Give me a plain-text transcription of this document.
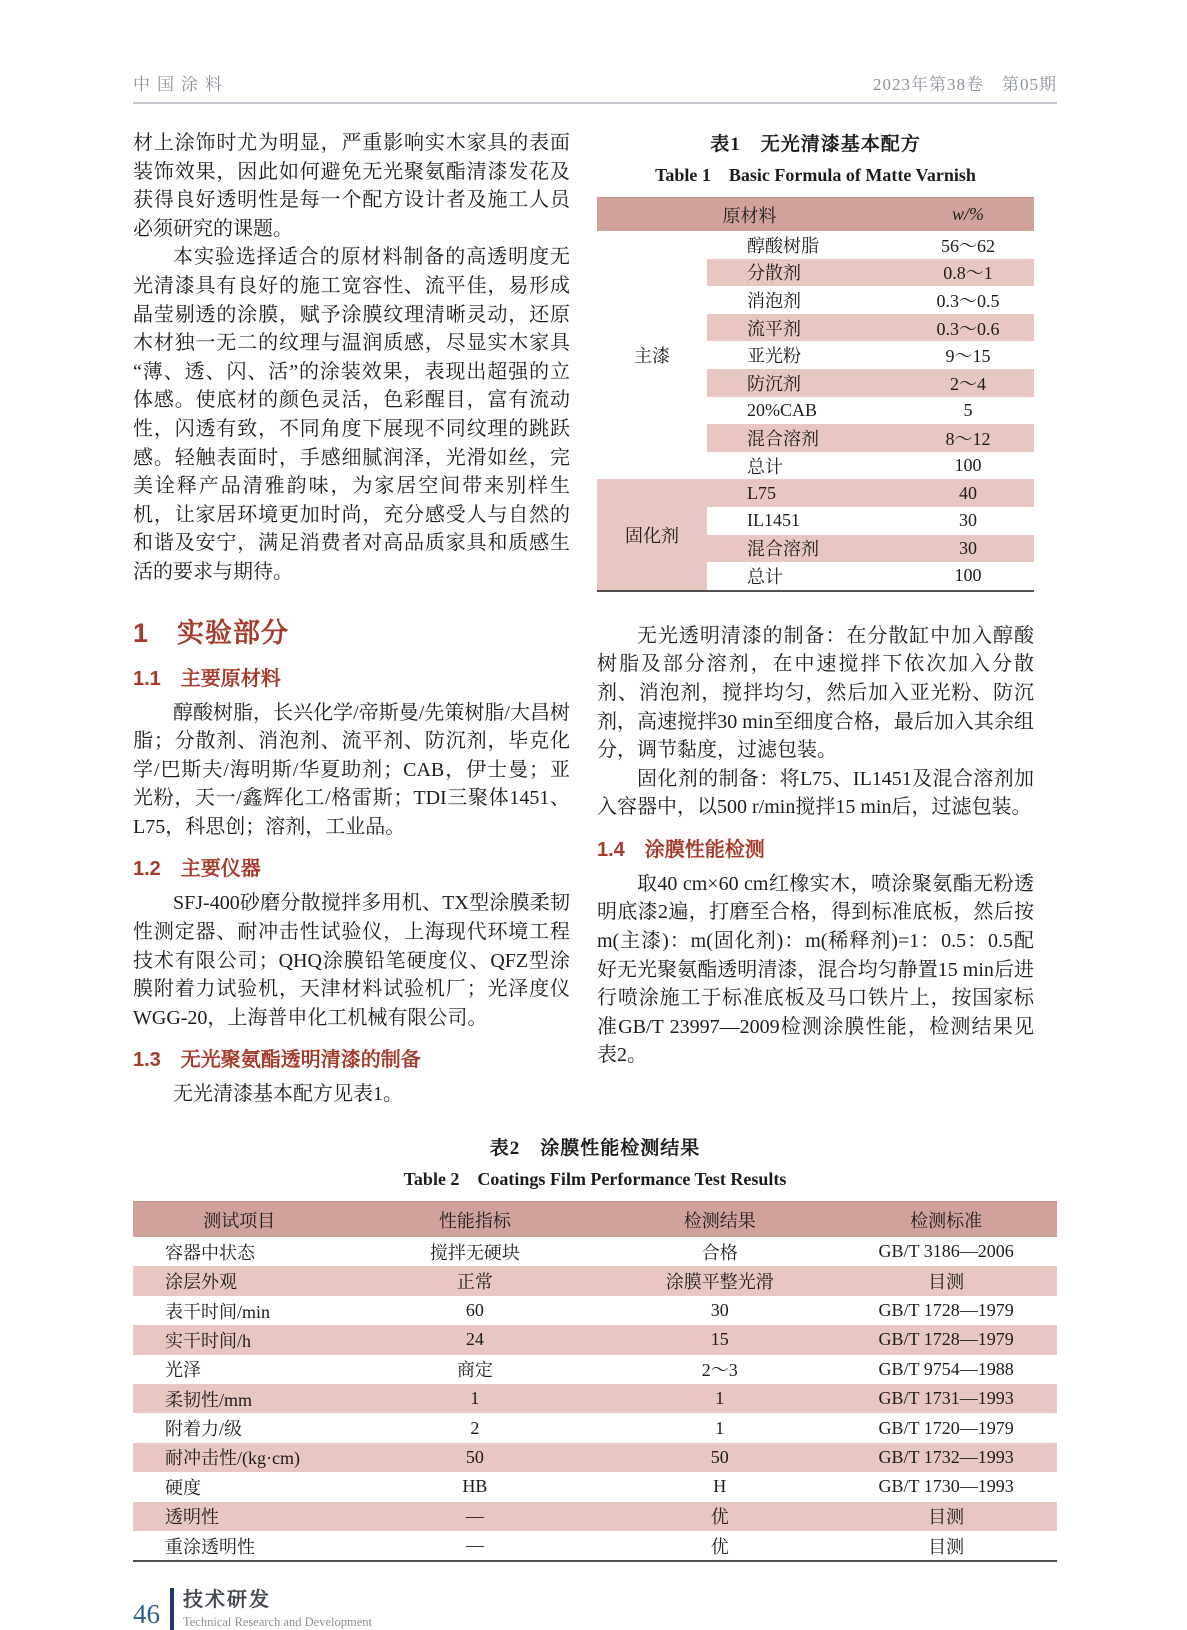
中国涂料	2023年第38卷　第05期

材上涂饰时尤为明显，严重影响实木家具的表面装饰效果，因此如何避免无光聚氨酯清漆发花及获得良好透明性是每一个配方设计者及施工人员必须研究的课题。

本实验选择适合的原材料制备的高透明度无光清漆具有良好的施工宽容性、流平佳，易形成晶莹剔透的涂膜，赋予涂膜纹理清晰灵动，还原木材独一无二的纹理与温润质感，尽显实木家具“薄、透、闪、活”的涂装效果，表现出超强的立体感。使底材的颜色灵活，色彩醒目，富有流动性，闪透有致，不同角度下展现不同纹理的跳跃感。轻触表面时，手感细腻润泽，光滑如丝，完美诠释产品清雅韵味，为家居空间带来别样生机，让家居环境更加时尚，充分感受人与自然的和谐及安宁，满足消费者对高品质家具和质感生活的要求与期待。

1　实验部分
1.1　主要原材料

醇酸树脂，长兴化学/帝斯曼/先策树脂/大昌树脂；分散剂、消泡剂、流平剂、防沉剂，毕克化学/巴斯夫/海明斯/华夏助剂；CAB，伊士曼；亚光粉，天一/鑫辉化工/格雷斯；TDI三聚体1451、L75，科思创；溶剂，工业品。

1.2　主要仪器

SFJ-400砂磨分散搅拌多用机、TX型涂膜柔韧性测定器、耐冲击性试验仪，上海现代环境工程技术有限公司；QHQ涂膜铅笔硬度仪、QFZ型涂膜附着力试验机，天津材料试验机厂；光泽度仪WGG-20，上海普申化工机械有限公司。

1.3　无光聚氨酯透明清漆的制备

无光清漆基本配方见表1。

表1　无光清漆基本配方
Table 1　Basic Formula of Matte Varnish
原材料		w/%
主漆	醇酸树脂	56～62
	分散剂	0.8～1
	消泡剂	0.3～0.5
	流平剂	0.3～0.6
	亚光粉	9～15
	防沉剂	2～4
	20%CAB	5
	混合溶剂	8～12
	总计	100
固化剂	L75	40
	IL1451	30
	混合溶剂	30
	总计	100

无光透明清漆的制备：在分散缸中加入醇酸树脂及部分溶剂，在中速搅拌下依次加入分散剂、消泡剂，搅拌均匀，然后加入亚光粉、防沉剂，高速搅拌30 min至细度合格，最后加入其余组分，调节黏度，过滤包装。

固化剂的制备：将L75、IL1451及混合溶剂加入容器中，以500 r/min搅拌15 min后，过滤包装。

1.4　涂膜性能检测

取40 cm×60 cm红橡实木，喷涂聚氨酯无粉透明底漆2遍，打磨至合格，得到标准底板，然后按m(主漆)：m(固化剂)：m(稀释剂)=1：0.5：0.5配好无光聚氨酯透明清漆，混合均匀静置15 min后进行喷涂施工于标准底板及马口铁片上，按国家标准GB/T 23997—2009检测涂膜性能，检测结果见表2。

表2　涂膜性能检测结果
Table 2　Coatings Film Performance Test Results
测试项目	性能指标	检测结果	检测标准
容器中状态	搅拌无硬块	合格	GB/T 3186—2006
涂层外观	正常	涂膜平整光滑	目测
表干时间/min	60	30	GB/T 1728—1979
实干时间/h	24	15	GB/T 1728—1979
光泽	商定	2～3	GB/T 9754—1988
柔韧性/mm	1	1	GB/T 1731—1993
附着力/级	2	1	GB/T 1720—1979
耐冲击性/(kg·cm)	50	50	GB/T 1732—1993
硬度	HB	H	GB/T 1730—1993
透明性	—	优	目测
重涂透明性	—	优	目测
46 技术研发
Technical Research and Development
